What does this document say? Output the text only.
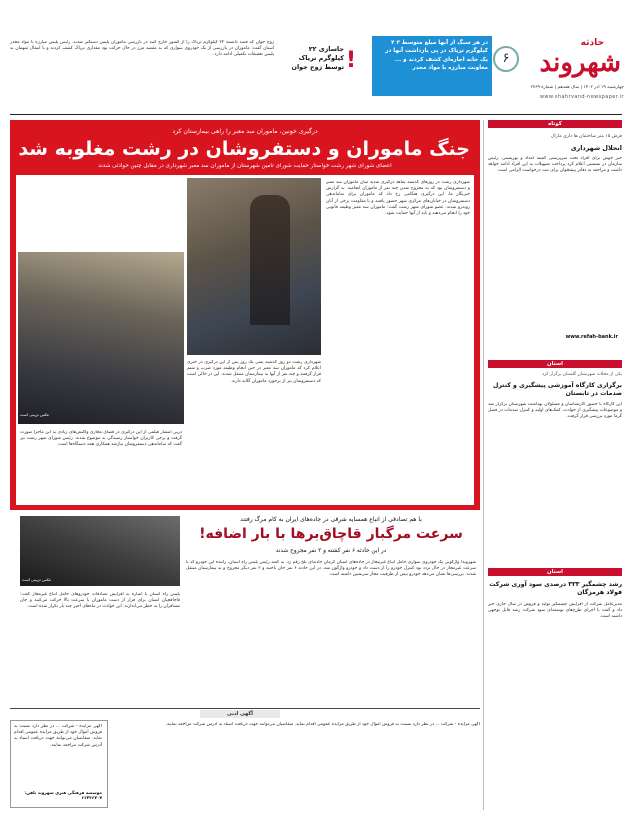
در هر سنگ از آنها مبلغ متوسط ۳ ۴ کیلوگرم تریاک در پی بازداشت آنها در یک خانه اجاره‌ای کشف کردند و ... معاونت مبارزه با مواد مخدر
۶
حادثه
شهروند
چهارشنبه ۱۹ آذر ۱۴۰۲ | سال هفدهم | شماره ۲۷۶۹
www.shahrvand-newspaper.ir
!
جاسازی ۲۲ کیلوگرم تریاک توسط زوج جوان
زوج جوان که قصد داشتند ۲۲ کیلوگرم تریاک را از کشور خارج کنند در بازرسی ماموران پلیس دستگیر شدند. رئیس پلیس مبارزه با مواد مخدر استان گفت: ماموران در بازرسی از یک خودروی سواری که به مقصد مرز در حال حرکت بود مقداری تریاک کشف کردند و با انتقال متهمان به پلیس تحقیقات تکمیلی ادامه دارد.
کوتاه
فرش ۱۵ متر ساختمان ها داری مارال
انحلال شهرداری
خبر خوش برای افراد تحت سرپرستی کمیته امداد و بهزیستی. رئیس سازمان در نشستی اعلام کرد پرداخت تسهیلات به این افراد ادامه خواهد داشت و مراجعه به دفاتر پیشخوان برای ثبت درخواست الزامی است.
www.refah-bank.ir
استان
یکی از محلات شهرستان گلستان برگزار کرد
برگزاری کارگاه آموزشی پیشگیری و کنترل صدمات در تابستان
این کارگاه با حضور کارشناسان و مسئولان بهداشت شهرستان برگزار شد و موضوعات پیشگیری از حوادث، کمک‌های اولیه و کنترل صدمات در فصل گرما مورد بررسی قرار گرفت.
استان
رشد چشمگیر ۳۳۳ درصدی سود آوری شرکت فولاد هرمزگان
مدیرعامل شرکت از افزایش چشمگیر تولید و فروش در سال جاری خبر داد و گفت با اجرای طرح‌های توسعه‌ای سود شرکت رشد قابل توجهی داشته است.
درگیری خونین، ماموران سد معبر را راهی بیمارستان کرد
جنگ ماموران و دستفروشان در رشت مغلوبه شد
اعضای شورای شهر رشت خواستار حمایت شورای تامین شهرستان از ماموران سد معبر شهرداری در مقابل چنین حوادثی شدند
عکس تزیینی است
شهرداری رشت در روزهای گذشته شاهد درگیری شدید میان ماموران سد معبر و دستفروشان بود که به مجروح شدن چند نفر از ماموران انجامید. به گزارش خبرنگار ما، این درگیری هنگامی رخ داد که ماموران برای ساماندهی دستفروشان در خیابان‌های مرکزی شهر حضور یافتند و با مقاومت برخی از آنان روبه‌رو شدند. عضو شورای شهر رشت گفت: ماموران سد معبر وظیفه قانونی خود را انجام می‌دهند و باید از آنها حمایت شود.
شهرداری رشت دو روز گذشته یعنی یک روز پس از این درگیری در خبری اعلام کرد که ماموران سد معبر در حین انجام وظیفه مورد ضرب و شتم قرار گرفتند و چند نفر از آنها به بیمارستان منتقل شدند. این در حالی است که دستفروشان نیز از برخورد ماموران گلایه دارند.
درپی انتشار فیلمی از این درگیری در فضای مجازی واکنش‌های زیادی به این ماجرا صورت گرفت و برخی کاربران خواستار رسیدگی به موضوع شدند. رئیس شورای شهر رشت نیز گفت که ساماندهی دستفروشان نیازمند همکاری همه دستگاه‌ها است.
با هم تصادفی از اتباع همسایه شرقی در جاده‌های ایران به کام مرگ رفتند
سرعت مرگبار قاچاق‌برها با بار اضافه!
در این حادثه ۶ نفر کشته و ۲ نفر مجروح شدند
عکس تزیینی است
شهروند/ واژگونی یک خودروی سواری حامل اتباع غیرمجاز در جاده‌های استان کرمان حادثه‌ای تلخ رقم زد. به گفته رئیس پلیس راه استان، راننده این خودرو که با سرعت غیرمجاز در حال تردد بود کنترل خودرو را از دست داد و خودرو واژگون شد. در این حادثه ۶ نفر جان باختند و ۲ نفر دیگر مجروح و به بیمارستان منتقل شدند. بررسی‌ها نشان می‌دهد خودرو بیش از ظرفیت مجاز سرنشین داشته است.
پلیس راه استان با اشاره به افزایش تصادفات خودروهای حامل اتباع غیرمجاز گفت: قاچاقچیان انسان برای فرار از دست ماموران با سرعت بالا حرکت می‌کنند و جان مسافران را به خطر می‌اندازند. این حوادث در ماه‌های اخیر چند بار تکرار شده است.
آگهی ادبی
آگهی مزایده - شرکت ... در نظر دارد نسبت به فروش اموال خود از طریق مزایده عمومی اقدام نماید. متقاضیان می‌توانند جهت دریافت اسناد به آدرس شرکت مراجعه نمایند.
آگهی مزایده - شرکت ... در نظر دارد نسبت به فروش اموال خود از طریق مزایده عمومی اقدام نماید. متقاضیان می‌توانند جهت دریافت اسناد به آدرس شرکت مراجعه نمایند.
موسسه فرهنگی هنری شهروند تلفن: ۶۶۴۳۶۷۰۷
